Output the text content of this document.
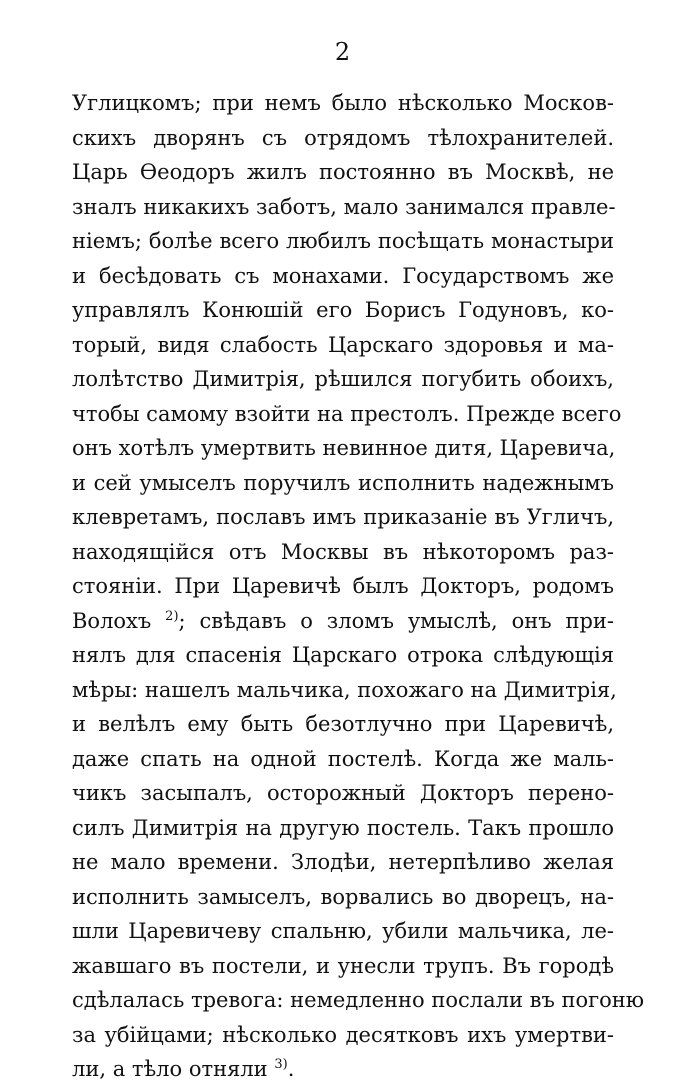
2
Углицкомъ; при немъ было нѣсколько Москов-
скихъ дворянъ съ отрядомъ тѣлохранителей.
Царь Ѳеодоръ жилъ постоянно въ Москвѣ, не
зналъ никакихъ заботъ, мало занимался правле-
ніемъ; болѣе всего любилъ посѣщать монастыри
и бесѣдовать съ монахами. Государствомъ же
управлялъ Конюшій его Борисъ Годуновъ, ко-
торый, видя слабость Царскаго здоровья и ма-
лолѣтство Димитрія, рѣшился погубить обоихъ,
чтобы самому взойти на престолъ. Прежде всего
онъ хотѣлъ умертвить невинное дитя, Царевича,
и сей умыселъ поручилъ исполнить надежнымъ
клевретамъ, пославъ имъ приказаніе въ Угличъ,
находящійся отъ Москвы въ нѣкоторомъ раз-
стояніи. При Царевичѣ былъ Докторъ, родомъ
Волохъ $^{2)}$; свѣдавъ о зломъ умыслѣ, онъ при-
нялъ для спасенія Царскаго отрока слѣдующія
мѣры: нашелъ мальчика, похожаго на Димитрія,
и велѣлъ ему быть безотлучно при Царевичѣ,
даже спать на одной постелѣ. Когда же маль-
чикъ засыпалъ, осторожный Докторъ перено-
силъ Димитрія на другую постель. Такъ прошло
не мало времени. Злодѣи, нетерпѣливо желая
исполнить замыселъ, ворвались во дворецъ, на-
шли Царевичеву спальню, убили мальчика, ле-
жавшаго въ постели, и унесли трупъ. Въ городѣ
сдѣлалась тревога: немедленно послали въ погоню
за убійцами; нѣсколько десятковъ ихъ умертви-
ли, а тѣло отняли $^{3)}$.
